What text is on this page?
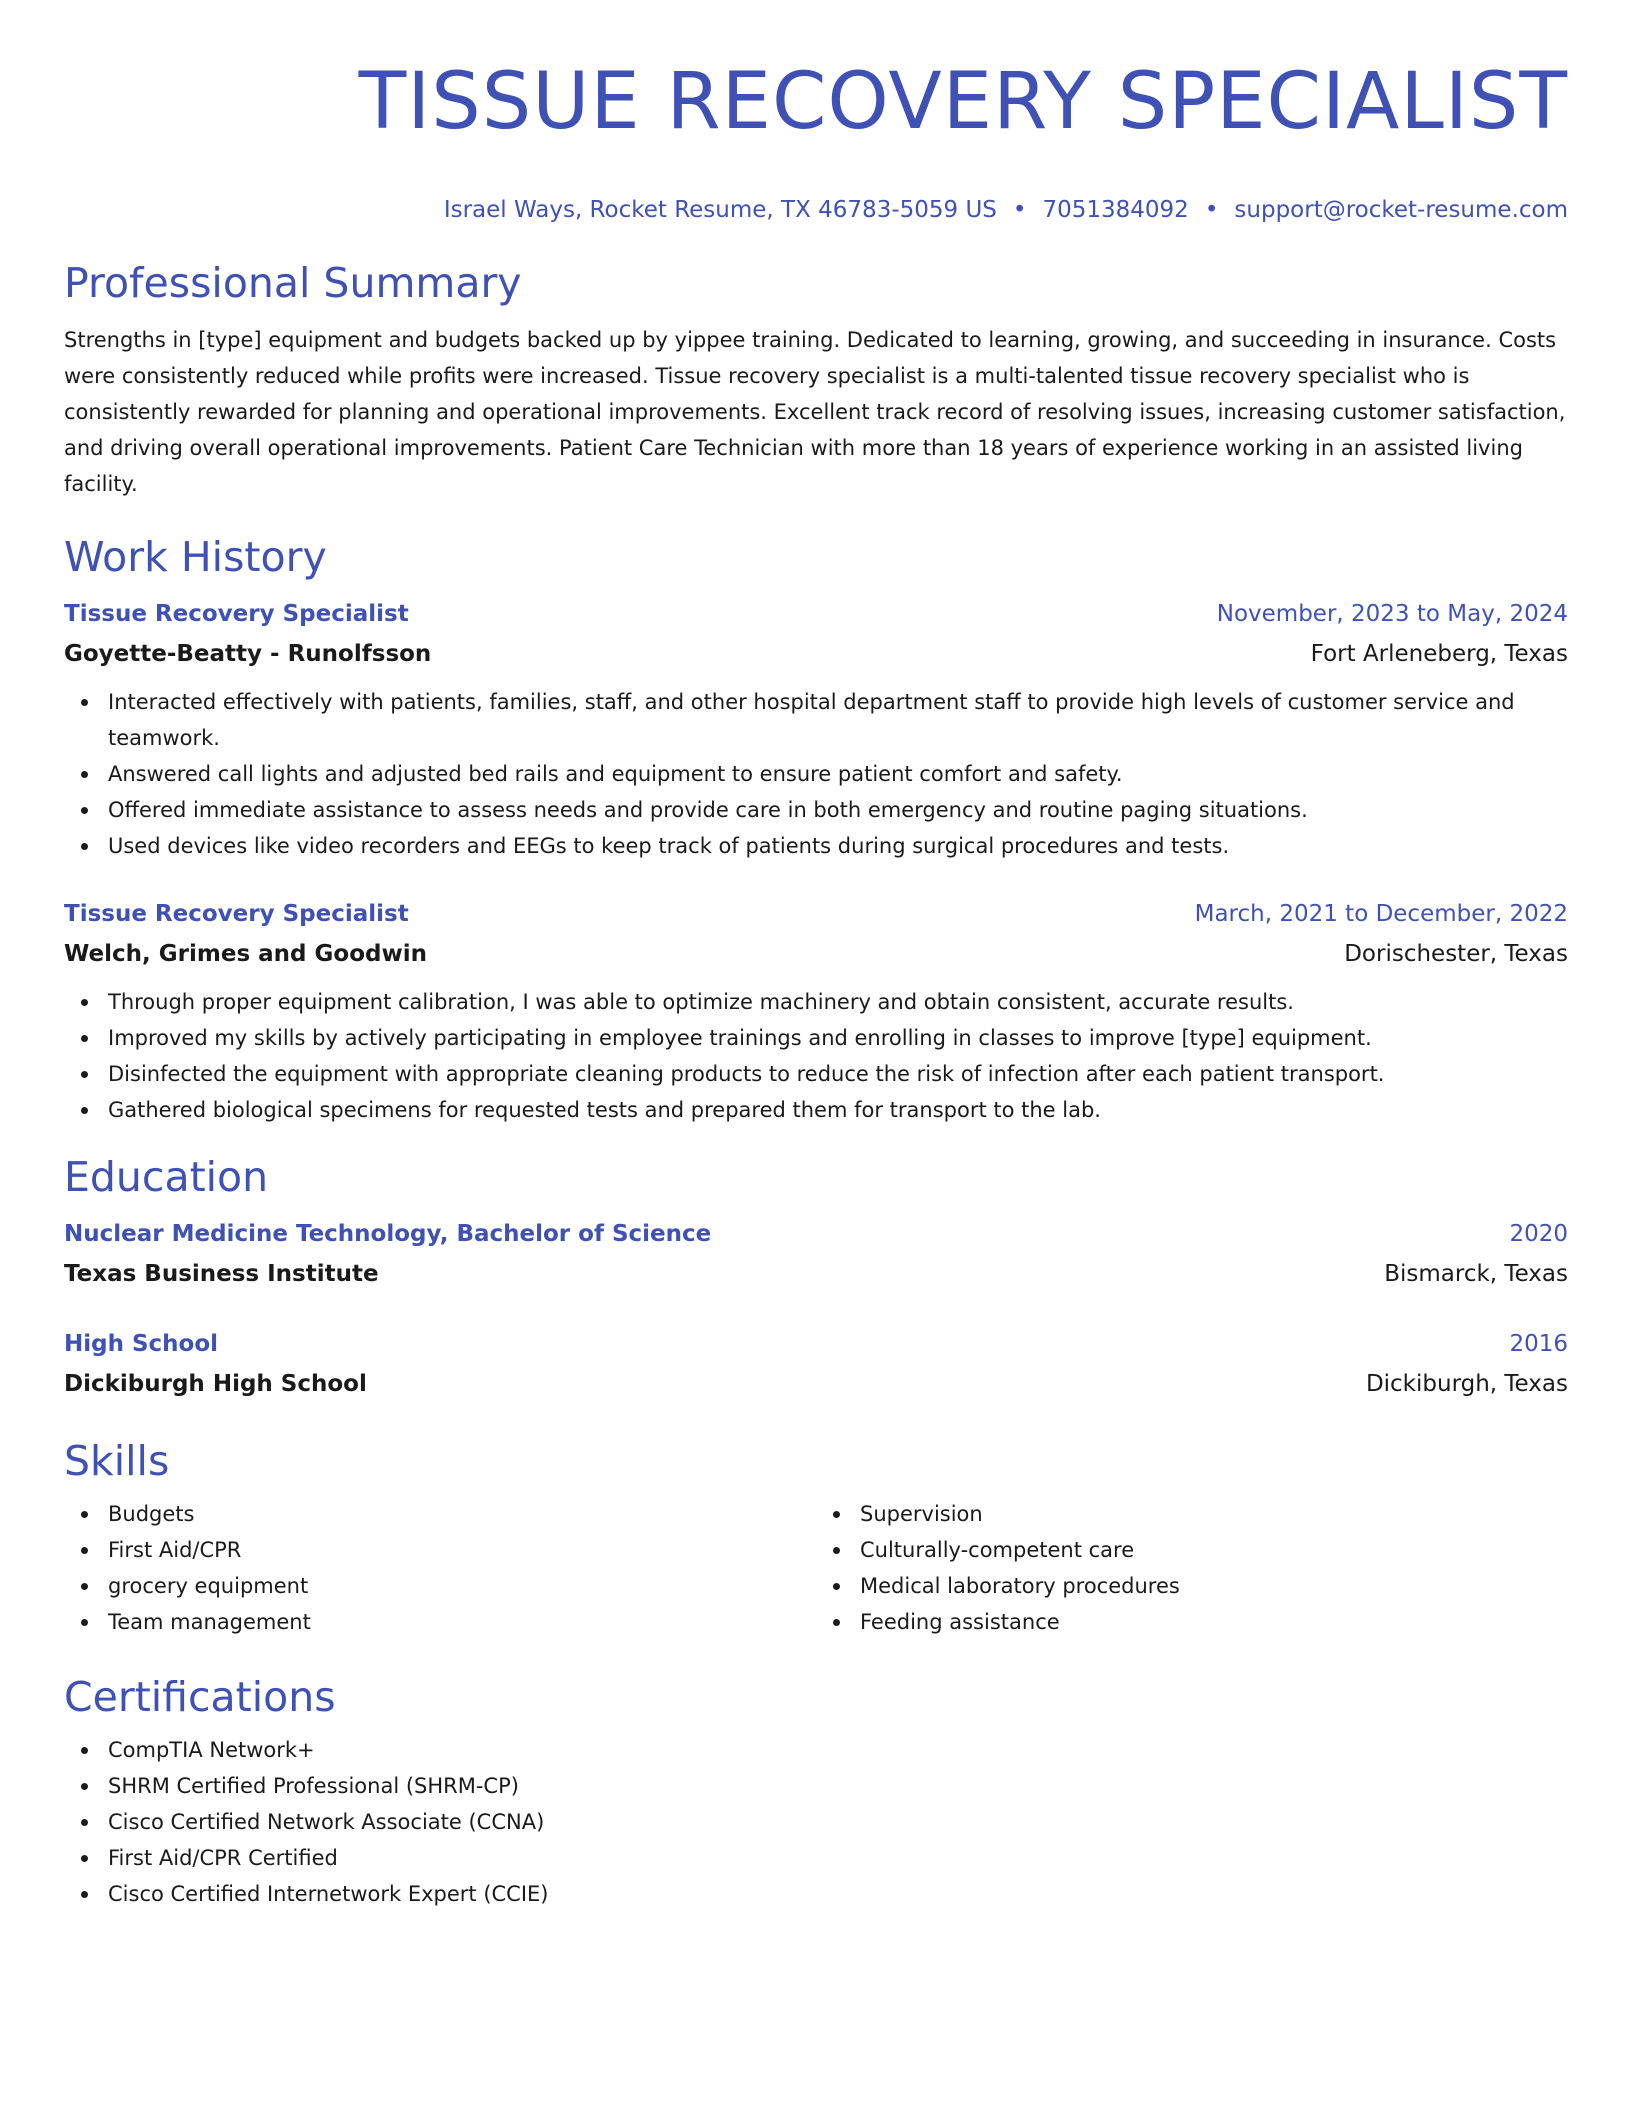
TISSUE RECOVERY SPECIALIST
Israel Ways, Rocket Resume, TX 46783-5059 US • 7051384092 • support@rocket-resume.com
Professional Summary
Strengths in [type] equipment and budgets backed up by yippee training. Dedicated to learning, growing, and succeeding in insurance. Costs were consistently reduced while profits were increased. Tissue recovery specialist is a multi-talented tissue recovery specialist who is consistently rewarded for planning and operational improvements. Excellent track record of resolving issues, increasing customer satisfaction, and driving overall operational improvements. Patient Care Technician with more than 18 years of experience working in an assisted living facility.
Work History
Tissue Recovery Specialist	November, 2023 to May, 2024
Goyette-Beatty - Runolfsson	Fort Arleneberg, Texas
Interacted effectively with patients, families, staff, and other hospital department staff to provide high levels of customer service and teamwork.
Answered call lights and adjusted bed rails and equipment to ensure patient comfort and safety.
Offered immediate assistance to assess needs and provide care in both emergency and routine paging situations.
Used devices like video recorders and EEGs to keep track of patients during surgical procedures and tests.
Tissue Recovery Specialist	March, 2021 to December, 2022
Welch, Grimes and Goodwin	Dorischester, Texas
Through proper equipment calibration, I was able to optimize machinery and obtain consistent, accurate results.
Improved my skills by actively participating in employee trainings and enrolling in classes to improve [type] equipment.
Disinfected the equipment with appropriate cleaning products to reduce the risk of infection after each patient transport.
Gathered biological specimens for requested tests and prepared them for transport to the lab.
Education
Nuclear Medicine Technology, Bachelor of Science	2020
Texas Business Institute	Bismarck, Texas
High School	2016
Dickiburgh High School	Dickiburgh, Texas
Skills
Budgets
First Aid/CPR
grocery equipment
Team management
Supervision
Culturally-competent care
Medical laboratory procedures
Feeding assistance
Certifications
CompTIA Network+
SHRM Certified Professional (SHRM-CP)
Cisco Certified Network Associate (CCNA)
First Aid/CPR Certified
Cisco Certified Internetwork Expert (CCIE)
